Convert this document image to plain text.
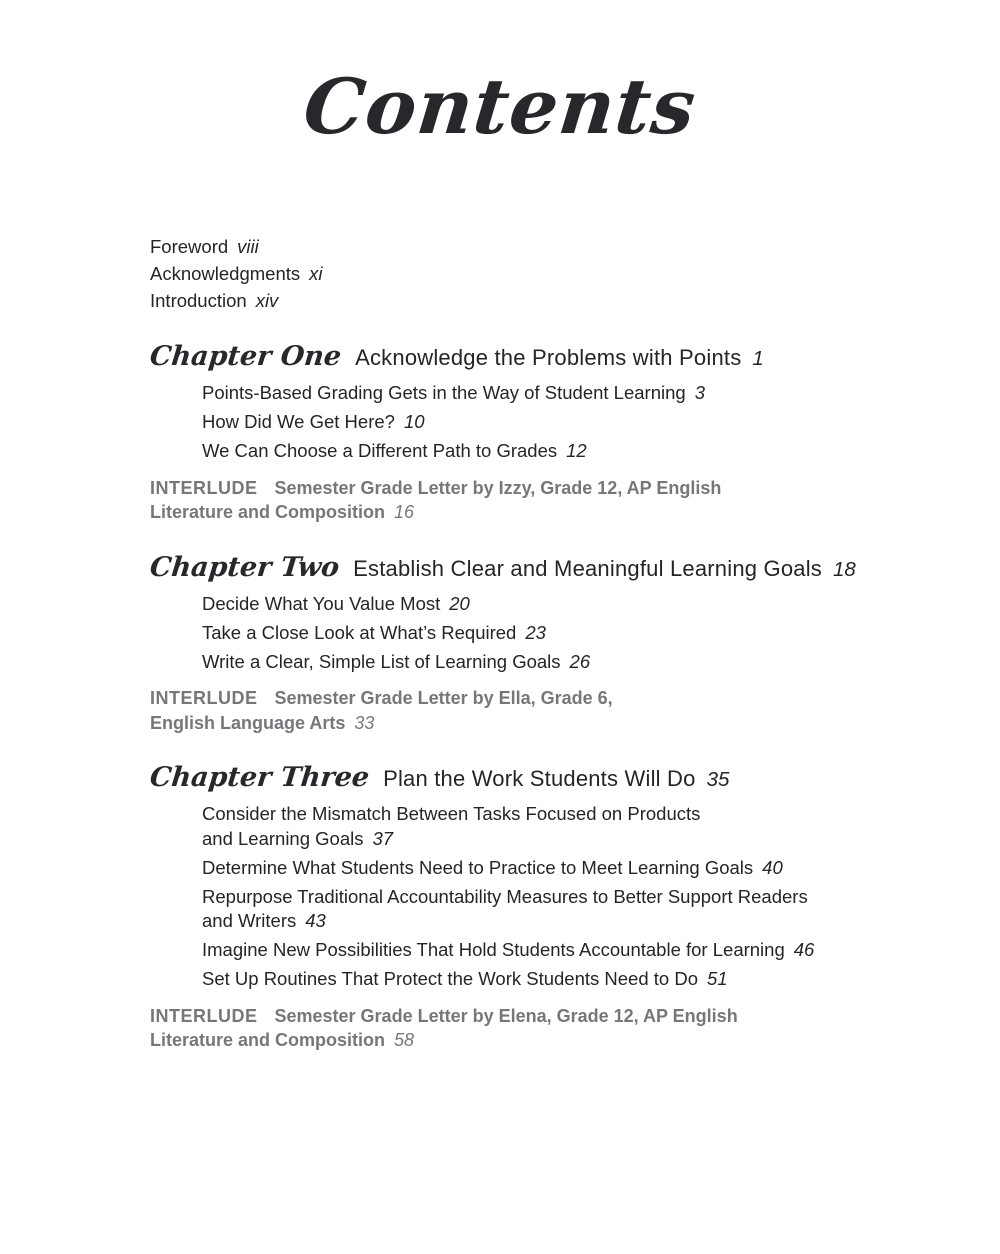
Contents
Foreword viii
Acknowledgments xi
Introduction xiv
Chapter One Acknowledge the Problems with Points 1
Points-Based Grading Gets in the Way of Student Learning 3
How Did We Get Here? 10
We Can Choose a Different Path to Grades 12
INTERLUDE Semester Grade Letter by Izzy, Grade 12, AP English
Literature and Composition 16
Chapter Two Establish Clear and Meaningful Learning Goals 18
Decide What You Value Most 20
Take a Close Look at What’s Required 23
Write a Clear, Simple List of Learning Goals 26
INTERLUDE Semester Grade Letter by Ella, Grade 6,
English Language Arts 33
Chapter Three Plan the Work Students Will Do 35
Consider the Mismatch Between Tasks Focused on Products
and Learning Goals 37
Determine What Students Need to Practice to Meet Learning Goals 40
Repurpose Traditional Accountability Measures to Better Support Readers
and Writers 43
Imagine New Possibilities That Hold Students Accountable for Learning 46
Set Up Routines That Protect the Work Students Need to Do 51
INTERLUDE Semester Grade Letter by Elena, Grade 12, AP English
Literature and Composition 58
